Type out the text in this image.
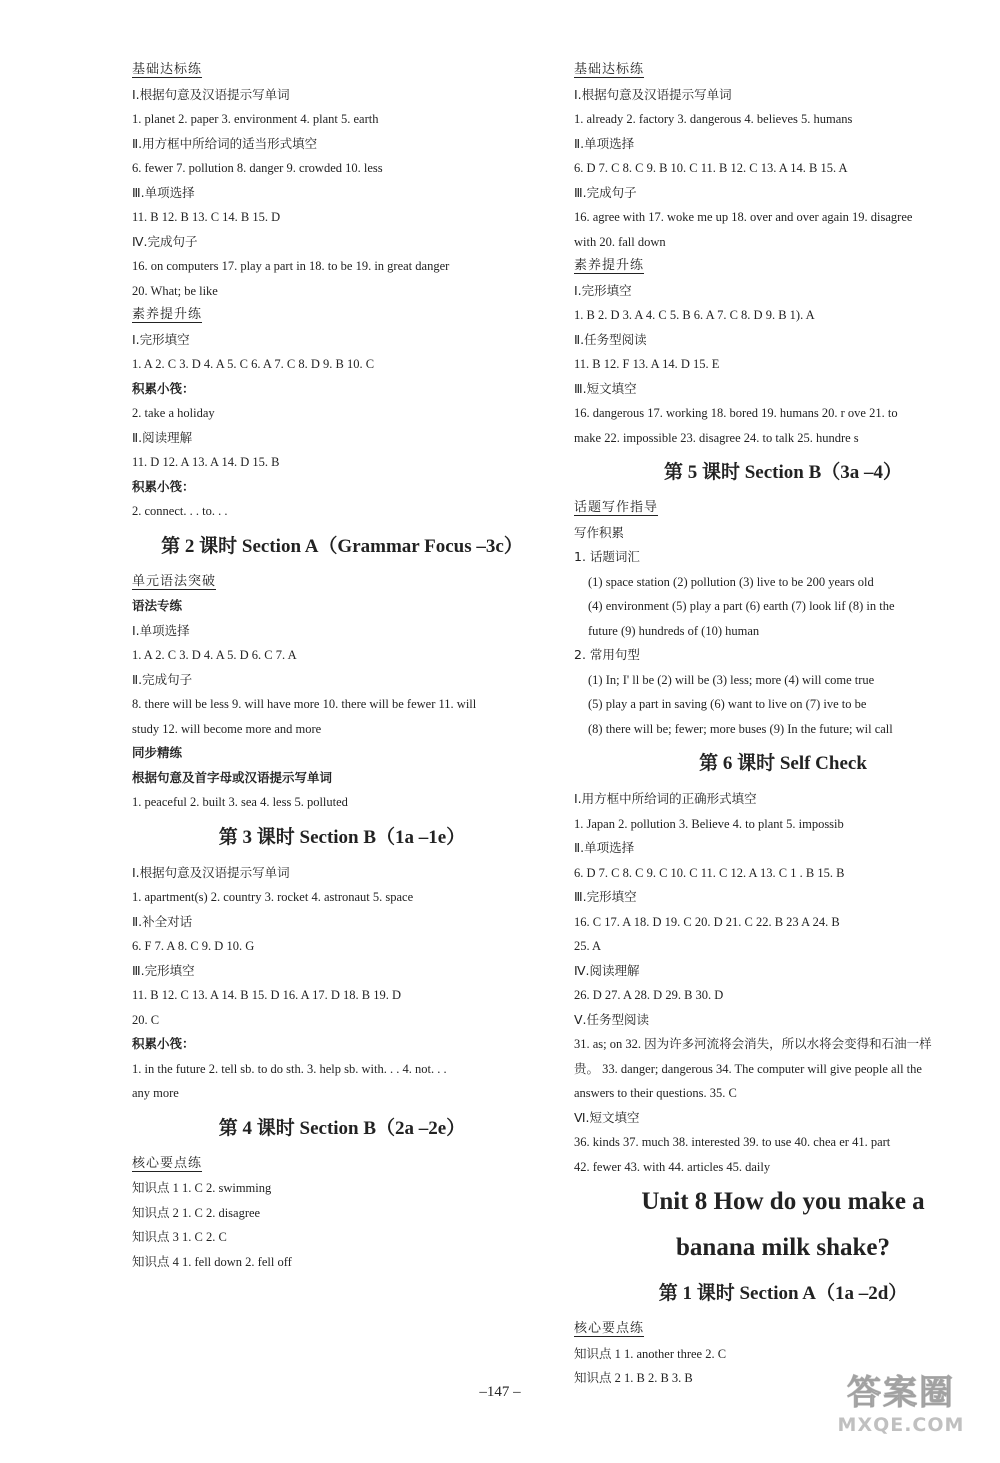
基础达标练
Ⅰ.根据句意及汉语提示写单词
1. planet 2. paper 3. environment 4. plant 5. earth
Ⅱ.用方框中所给词的适当形式填空
6. fewer 7. pollution 8. danger 9. crowded 10. less
Ⅲ.单项选择
11. B 12. B 13. C 14. B 15. D
Ⅳ.完成句子
16. on computers 17. play a part in 18. to be 19. in great danger
20. What; be like
素养提升练
Ⅰ.完形填空
1. A 2. C 3. D 4. A 5. C 6. A 7. C 8. D 9. B 10. C
积累小筏：
2. take a holiday
Ⅱ.阅读理解
11. D 12. A 13. A 14. D 15. B
积累小筏：
2. connect. . . to. . .
第 2 课时 Section A（Grammar Focus –3c）
单元语法突破
语法专练
Ⅰ.单项选择
1. A 2. C 3. D 4. A 5. D 6. C 7. A
Ⅱ.完成句子
8. there will be less 9. will have more 10. there will be fewer 11. will
study 12. will become more and more
同步精练
根据句意及首字母或汉语提示写单词
1. peaceful 2. built 3. sea 4. less 5. polluted
第 3 课时 Section B（1a –1e）
Ⅰ.根据句意及汉语提示写单词
1. apartment(s) 2. country 3. rocket 4. astronaut 5. space
Ⅱ.补全对话
6. F 7. A 8. C 9. D 10. G
Ⅲ.完形填空
11. B 12. C 13. A 14. B 15. D 16. A 17. D 18. B 19. D
20. C
积累小筏：
1. in the future 2. tell sb. to do sth. 3. help sb. with. . . 4. not. . .
any more
第 4 课时 Section B（2a –2e）
核心要点练
知识点 1 1. C 2. swimming
知识点 2 1. C 2. disagree
知识点 3 1. C 2. C
知识点 4 1. fell down 2. fell off
基础达标练
Ⅰ.根据句意及汉语提示写单词
1. already 2. factory 3. dangerous 4. believes 5. humans
Ⅱ.单项选择
6. D 7. C 8. C 9. B 10. C 11. B 12. C 13. A 14. B 15. A
Ⅲ.完成句子
16. agree with 17. woke me up 18. over and over again 19. disagree
with 20. fall down
素养提升练
Ⅰ.完形填空
1. B 2. D 3. A 4. C 5. B 6. A 7. C 8. D 9. B 1). A
Ⅱ.任务型阅读
11. B 12. F 13. A 14. D 15. E
Ⅲ.短文填空
16. dangerous 17. working 18. bored 19. humans 20. r ove 21. to
make 22. impossible 23. disagree 24. to talk 25. hundre s
第 5 课时 Section B（3a –4）
话题写作指导
写作积累
1. 话题词汇
(1) space station (2) pollution (3) live to be 200 years old
(4) environment (5) play a part (6) earth (7) look lif (8) in the
future (9) hundreds of (10) human
2. 常用句型
(1) In; I' ll be (2) will be (3) less; more (4) will come true
(5) play a part in saving (6) want to live on (7) ive to be
(8) there will be; fewer; more buses (9) In the future; wil call
第 6 课时 Self Check
Ⅰ.用方框中所给词的正确形式填空
1. Japan 2. pollution 3. Believe 4. to plant 5. impossib
Ⅱ.单项选择
6. D 7. C 8. C 9. C 10. C 11. C 12. A 13. C 1 . B 15. B
Ⅲ.完形填空
16. C 17. A 18. D 19. C 20. D 21. C 22. B 23 A 24. B
25. A
Ⅳ.阅读理解
26. D 27. A 28. D 29. B 30. D
Ⅴ.任务型阅读
31. as; on 32. 因为许多河流将会消失，所以水将会变得和石油一样
贵。 33. danger; dangerous 34. The computer will give people all the
answers to their questions. 35. C
Ⅵ.短文填空
36. kinds 37. much 38. interested 39. to use 40. chea er 41. part
42. fewer 43. with 44. articles 45. daily
Unit 8 How do you make a
banana milk shake?
第 1 课时 Section A（1a –2d）
核心要点练
知识点 1 1. another three 2. C
知识点 2 1. B 2. B 3. B
–147 –	答案圈
MXQE.COM
